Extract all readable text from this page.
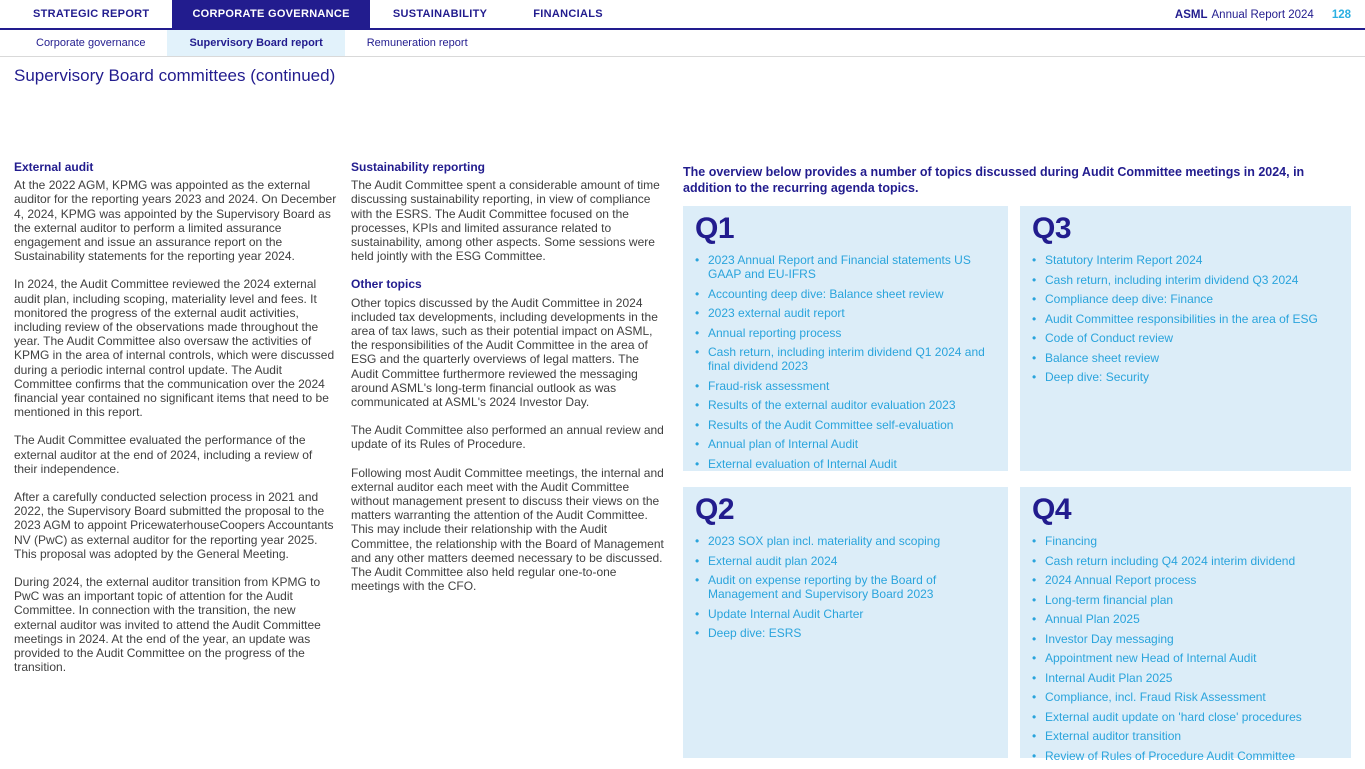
STRATEGIC REPORT	CORPORATE GOVERNANCE	SUSTAINABILITY	FINANCIALS	ASML Annual Report 2024 128
Corporate governance	Supervisory Board report	Remuneration report
Supervisory Board committees (continued)
External audit

At the 2022 AGM, KPMG was appointed as the external auditor for the reporting years 2023 and 2024. On December 4, 2024, KPMG was appointed by the Supervisory Board as the external auditor to perform a limited assurance engagement and issue an assurance report on the Sustainability statements for the reporting year 2024.

In 2024, the Audit Committee reviewed the 2024 external audit plan, including scoping, materiality level and fees. It monitored the progress of the external audit activities, including review of the observations made throughout the year. The Audit Committee also oversaw the activities of KPMG in the area of internal controls, which were discussed during a periodic internal control update. The Audit Committee confirms that the communication over the 2024 financial year contained no significant items that need to be mentioned in this report.

The Audit Committee evaluated the performance of the external auditor at the end of 2024, including a review of their independence.

After a carefully conducted selection process in 2021 and 2022, the Supervisory Board submitted the proposal to the 2023 AGM to appoint PricewaterhouseCoopers Accountants NV (PwC) as external auditor for the reporting year 2025. This proposal was adopted by the General Meeting.

During 2024, the external auditor transition from KPMG to PwC was an important topic of attention for the Audit Committee. In connection with the transition, the new external auditor was invited to attend the Audit Committee meetings in 2024. At the end of the year, an update was provided to the Audit Committee on the progress of the transition.

Sustainability reporting

The Audit Committee spent a considerable amount of time discussing sustainability reporting, in view of compliance with the ESRS. The Audit Committee focused on the processes, KPIs and limited assurance related to sustainability, among other aspects. Some sessions were held jointly with the ESG Committee.

Other topics

Other topics discussed by the Audit Committee in 2024 included tax developments, including developments in the area of tax laws, such as their potential impact on ASML, the responsibilities of the Audit Committee in the area of ESG and the quarterly overviews of legal matters. The Audit Committee furthermore reviewed the messaging around ASML's long-term financial outlook as was communicated at ASML's 2024 Investor Day.

The Audit Committee also performed an annual review and update of its Rules of Procedure.

Following most Audit Committee meetings, the internal and external auditor each meet with the Audit Committee without management present to discuss their views on the matters warranting the attention of the Audit Committee. This may include their relationship with the Audit Committee, the relationship with the Board of Management and any other matters deemed necessary to be discussed. The Audit Committee also held regular one-to-one meetings with the CFO.

The overview below provides a number of topics discussed during Audit Committee meetings in 2024, in addition to the recurring agenda topics.

Q1
• 2023 Annual Report and Financial statements US GAAP and EU-IFRS
• Accounting deep dive: Balance sheet review
• 2023 external audit report
• Annual reporting process
• Cash return, including interim dividend Q1 2024 and final dividend 2023
• Fraud-risk assessment
• Results of the external auditor evaluation 2023
• Results of the Audit Committee self-evaluation
• Annual plan of Internal Audit
• External evaluation of Internal Audit
Q3
• Statutory Interim Report 2024
• Cash return, including interim dividend Q3 2024
• Compliance deep dive: Finance
• Audit Committee responsibilities in the area of ESG
• Code of Conduct review
• Balance sheet review
• Deep dive: Security
Q2
• 2023 SOX plan incl. materiality and scoping
• External audit plan 2024
• Audit on expense reporting by the Board of Management and Supervisory Board 2023
• Update Internal Audit Charter
• Deep dive: ESRS
Q4
• Financing
• Cash return including Q4 2024 interim dividend
• 2024 Annual Report process
• Long-term financial plan
• Annual Plan 2025
• Investor Day messaging
• Appointment new Head of Internal Audit
• Internal Audit Plan 2025
• Compliance, incl. Fraud Risk Assessment
• External audit update on 'hard close' procedures
• External auditor transition
• Review of Rules of Procedure Audit Committee
